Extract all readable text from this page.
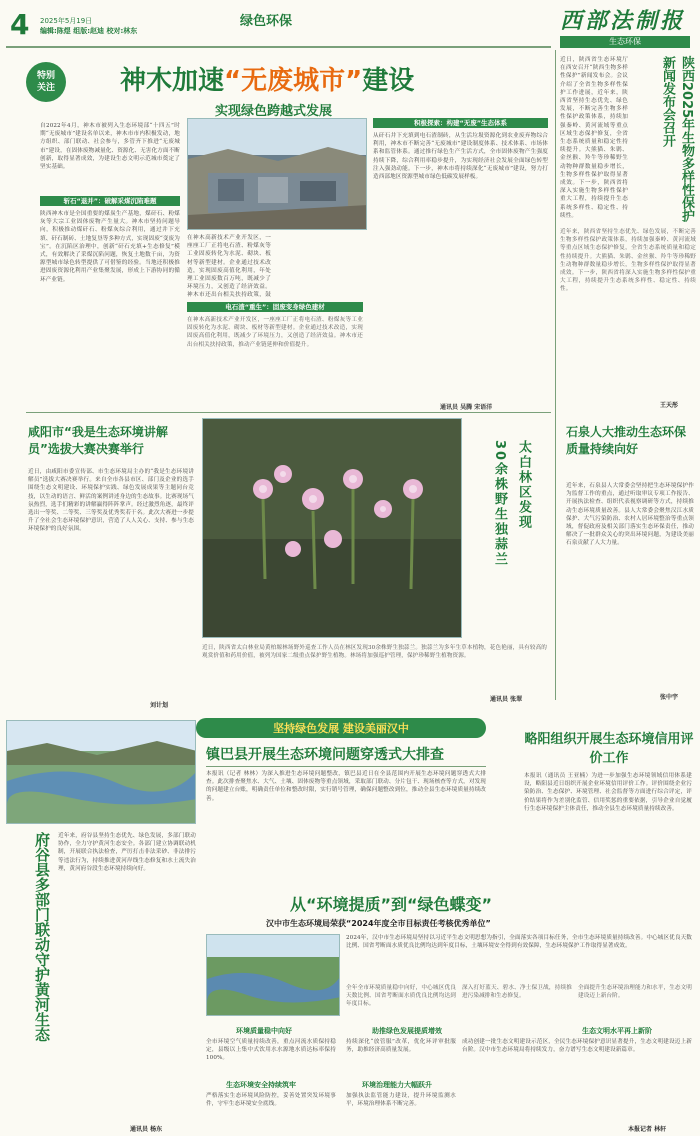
4 2025年5月19日
编辑:陈煜 组版:赵迪 校对:林东
绿色环保	西部法制报
生态环保
特别
关注	神木加速“无废城市”建设
实现绿色跨越式发展
自2022年4月，神木市被列入生态环境部“十四五”时期“无废城市”建设名单以来，神木市市内积极发动，地方组织、部门联动、社会参与，多管齐下推进“无废城市”建设，在固体废物减量化、资源化、无害化方面不断创新，取得显著成效，为建设生态文明示范城市奠定了坚实基础。
斩石“退并”：破解采煤沉陷难题
陕西神木市是全国重要的煤炭生产基地，煤矸石、粉煤灰等大宗工业固体废物产生量大。神木市坚持问题导向，积极推动煤矸石、粉煤灰综合利用，通过井下充填、矸石制砖、土地复垦等多种方式，实现固废“变废为宝”。在沉陷区治理中，创新“矸石充填+生态修复”模式，有效解决了采煤沉陷问题，恢复土地数千亩，为资源型城市绿色转型提供了可借鉴的经验。当地还积极推进固废资源化利用产业集聚发展，形成上下游协同的循环产业链。
在神木高新技术产业开发区，一座座工厂正将电石渣、粉煤灰等工业固废转化为水泥、砌块、板材等新型建材。企业通过技术改造，实现固废高值化利用，年处理工业固废数百万吨，既减少了环境压力，又创造了经济效益。神木市还出台相关扶持政策，鼓
电石渣“重生”：固废变身绿色建材
在神木高新技术产业开发区，一座座工厂正将电石渣、粉煤灰等工业固废转化为水泥、砌块、板材等新型建材。企业通过技术改造，实现固废高值化利用，既减少了环境压力，又创造了经济效益。神木市还出台相关扶持政策，推动产业链延伸和价值提升。
积极探索：构建“无废”生态体系
从矸石井下充填到电石渣制砖，从生活垃圾资源化到农业废弃物综合利用，神木市不断完善“无废城市”建设制度体系、技术体系、市场体系和监管体系。通过推行绿色生产生活方式，全市固体废物产生强度持续下降，综合利用率稳步提升，为实现经济社会发展全面绿色转型注入强劲动能。下一步，神木市将持续深化“无废城市”建设，努力打造西部地区资源型城市绿色低碳发展样板。
通讯员 吴腾 宋语洋
咸阳市“我是生态环境讲解员”选拔大赛决赛举行
近日，由咸阳市委宣传部、市生态环境局主办的“我是生态环境讲解员”选拔大赛决赛举行。来自全市各县市区、部门及企业的选手围绕生态文明建设、环境保护实践、绿色发展成果等主题同台竞技，以生动的语言、鲜活的案例讲述身边的生态故事。比赛现场气氛热烈，选手们精彩的讲解赢得阵阵掌声。经过激烈角逐，最终评选出一等奖、二等奖、三等奖及优秀奖若干名。此次大赛进一步提升了全社会生态环境保护意识，营造了人人关心、支持、参与生态环境保护的良好氛围。
刘计划
太白林区发现
30余株野生独蒜兰
近日，陕西省太白林业局黄柏塬林场野外巡查工作人员在林区发现30余株野生独蒜兰。独蒜兰为多年生草本植物，花色艳丽，具有较高的观赏价值和药用价值，被列为国家二级重点保护野生植物。林场将加强巡护管理，保护珍稀野生植物资源。
通讯员 张翠
近日，陕西省生态环境厅在西安召开“陕西生物多样性保护”新闻发布会。会议介绍了全省生物多样性保护工作进展，近年来，陕西省坚持生态优先、绿色发展，不断完善生物多样性保护政策体系，持续加强秦岭、黄河流域等重点区域生态保护修复，全省生态系统质量和稳定性持续提升。大熊猫、朱鹮、金丝猴、羚牛等珍稀野生动物种群数量稳步增长，生物多样性保护取得显著成效。下一步，陕西省将深入实施生物多样性保护重大工程，持续提升生态系统多样性、稳定性、持续性。	陕西2025年生物多样性保护新闻发布会召开
近年来，陕西省坚持生态优先、绿色发展，不断完善生物多样性保护政策体系，持续加强秦岭、黄河流域等重点区域生态保护修复，全省生态系统质量和稳定性持续提升。大熊猫、朱鹮、金丝猴、羚牛等珍稀野生动物种群数量稳步增长，生物多样性保护取得显著成效。下一步，陕西省将深入实施生物多样性保护重大工程，持续提升生态系统多样性、稳定性、持续性。
王天彤
石泉人大推动生态环保质量持续向好
近年来，石泉县人大常委会坚持把生态环境保护作为监督工作的重点，通过听取审议专项工作报告、开展执法检查、组织代表视察调研等方式，持续推动生态环境质量改善。县人大常委会聚焦汉江水质保护、大气污染防治、农村人居环境整治等重点领域，督促政府及相关部门落实生态环保责任，推动解决了一批群众关心的突出环境问题，为建设美丽石泉贡献了人大力量。
张中宇
坚持绿色发展 建设美丽汉中
府谷县多部门联动守护黄河生态 近年来，府谷县坚持生态优先、绿色发展，多部门联动协作，全力守护黄河生态安全。各部门建立协调联动机制，开展联合执法检查，严厉打击非法采砂、非法排污等违法行为，持续推进黄河岸线生态修复和水土流失治理，黄河府谷段生态环境持续向好。
通讯员 杨东
镇巴县开展生态环境问题穿透式大排查
本报讯（记者 林林）为深入推进生态环境问题整改，镇巴县近日在全县范围内开展生态环境问题穿透式大排查。此次排查聚焦水、大气、土壤、固体废物等重点领域，采取部门联动、分片包干、现场核查等方式，对发现的问题建立台账，明确责任单位和整改时限，实行销号管理，确保问题整改到位，推动全县生态环境质量持续改善。
略阳组织开展生态环境信用评价工作
本报讯（通讯员 王亚楠）为进一步加强生态环境领域信用体系建设，略阳县近日组织开展企业环境信用评价工作。评价围绕企业污染防治、生态保护、环境管理、社会监督等方面进行综合评定，评价结果将作为差别化监管、信用奖惩的重要依据，引导企业自觉履行生态环境保护主体责任，推动全县生态环境质量持续改善。
从“环境提质”到“绿色蝶变”
汉中市生态环境局荣获“2024年度全市目标责任考核优秀单位”
2024年，汉中市生态环境局坚持以习近平生态文明思想为指引，全面落实各项目标任务，全市生态环境质量持续改善。中心城区优良天数比例、国省考断面水质优良比例均达到年度目标，土壤环境安全得到有效保障，生态环境保护工作取得显著成效。
全年全市环境质量稳中向好，中心城区优良天数比例、国省考断面水质优良比例均达到年度目标。
深入打好蓝天、碧水、净土保卫战，持续推进污染减排和生态修复。
全面提升生态环境治理能力和水平，生态文明建设迈上新台阶。
环境质量稳中向好	助推绿色发展提质增效	生态文明水平再上新阶
全市环境空气质量持续改善，重点河流水质保持稳定，县级以上集中式饮用水水源地水质达标率保持100%。
生态环境安全持续筑牢
严格落实生态环境风险防控，妥善处置突发环境事件，守牢生态环境安全底线。
持续深化“放管服”改革，优化环评审批服务，助推经济高质量发展。
环境治理能力大幅跃升
加强执法监管能力建设，提升环境监测水平，环境治理体系不断完善。
成功创建一批生态文明建设示范区，全民生态环境保护意识显著提升，生态文明建设迈上新台阶。汉中市生态环境局将持续发力，奋力谱写生态文明建设新篇章。
本报记者 林轩
